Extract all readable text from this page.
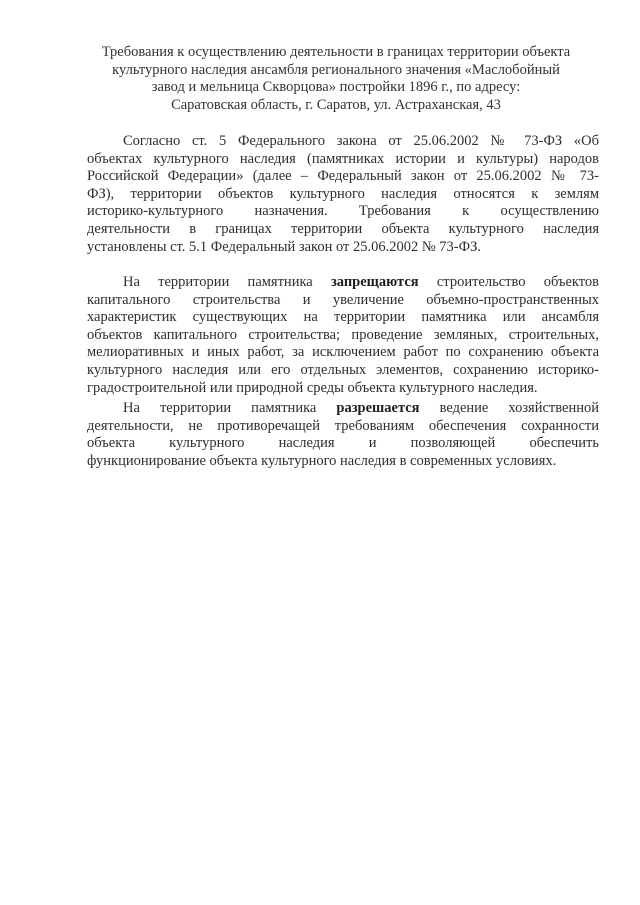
Требования к осуществлению деятельности в границах территории объекта
культурного наследия ансамбля регионального значения «Маслобойный
завод и мельница Скворцова» постройки 1896 г., по адресу:
Саратовская область, г. Саратов, ул. Астраханская, 43
Согласно ст. 5 Федерального закона от 25.06.2002 № 73-ФЗ «Об
объектах культурного наследия (памятниках истории и культуры) народов
Российской Федерации» (далее – Федеральный закон от 25.06.2002 № 73-
ФЗ), территории объектов культурного наследия относятся к землям
историко-культурного назначения. Требования к осуществлению
деятельности в границах территории объекта культурного наследия
установлены ст. 5.1 Федеральный закон от 25.06.2002 № 73-ФЗ.
На территории памятника запрещаются строительство объектов
капитального строительства и увеличение объемно-пространственных
характеристик существующих на территории памятника или ансамбля
объектов капитального строительства; проведение земляных, строительных,
мелиоративных и иных работ, за исключением работ по сохранению объекта
культурного наследия или его отдельных элементов, сохранению историко-
градостроительной или природной среды объекта культурного наследия.
На территории памятника разрешается ведение хозяйственной
деятельности, не противоречащей требованиям обеспечения сохранности
объекта культурного наследия и позволяющей обеспечить
функционирование объекта культурного наследия в современных условиях.
